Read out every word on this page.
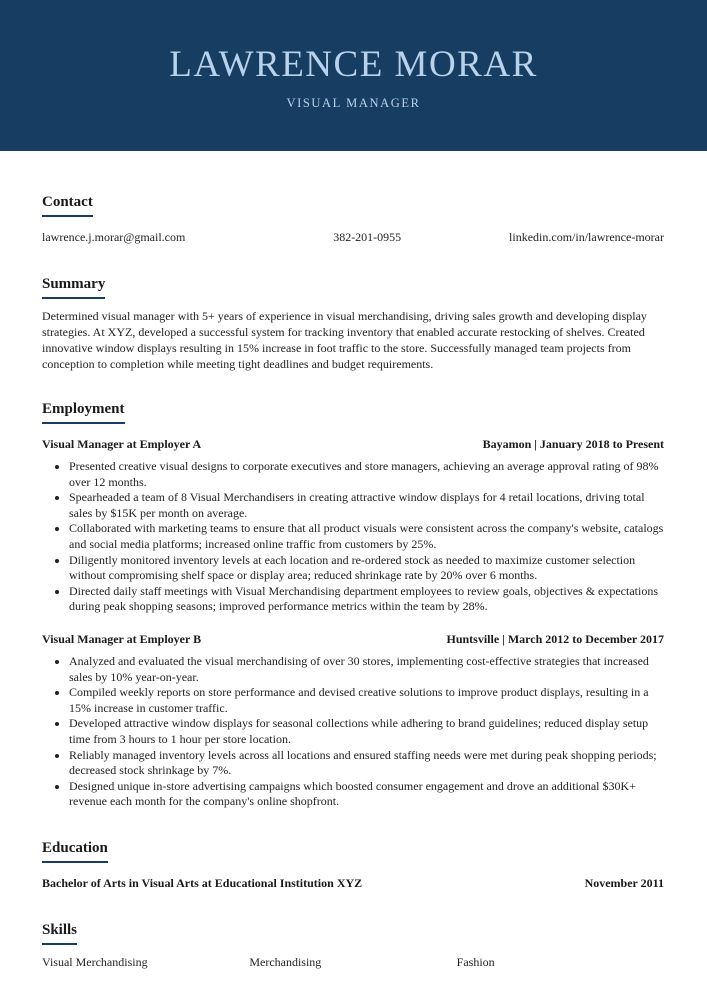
LAWRENCE MORAR
VISUAL MANAGER
Contact
lawrence.j.morar@gmail.com	382-201-0955	linkedin.com/in/lawrence-morar
Summary
Determined visual manager with 5+ years of experience in visual merchandising, driving sales growth and developing display strategies. At XYZ, developed a successful system for tracking inventory that enabled accurate restocking of shelves. Created innovative window displays resulting in 15% increase in foot traffic to the store. Successfully managed team projects from conception to completion while meeting tight deadlines and budget requirements.
Employment
Visual Manager at Employer A	Bayamon | January 2018 to Present
• Presented creative visual designs to corporate executives and store managers, achieving an average approval rating of 98% over 12 months.
• Spearheaded a team of 8 Visual Merchandisers in creating attractive window displays for 4 retail locations, driving total sales by $15K per month on average.
• Collaborated with marketing teams to ensure that all product visuals were consistent across the company's website, catalogs and social media platforms; increased online traffic from customers by 25%.
• Diligently monitored inventory levels at each location and re-ordered stock as needed to maximize customer selection without compromising shelf space or display area; reduced shrinkage rate by 20% over 6 months.
• Directed daily staff meetings with Visual Merchandising department employees to review goals, objectives & expectations during peak shopping seasons; improved performance metrics within the team by 28%.
Visual Manager at Employer B	Huntsville | March 2012 to December 2017
• Analyzed and evaluated the visual merchandising of over 30 stores, implementing cost-effective strategies that increased sales by 10% year-on-year.
• Compiled weekly reports on store performance and devised creative solutions to improve product displays, resulting in a 15% increase in customer traffic.
• Developed attractive window displays for seasonal collections while adhering to brand guidelines; reduced display setup time from 3 hours to 1 hour per store location.
• Reliably managed inventory levels across all locations and ensured staffing needs were met during peak shopping periods; decreased stock shrinkage by 7%.
• Designed unique in-store advertising campaigns which boosted consumer engagement and drove an additional $30K+ revenue each month for the company's online shopfront.
Education
Bachelor of Arts in Visual Arts at Educational Institution XYZ	November 2011
Skills
Visual Merchandising	Merchandising	Fashion
